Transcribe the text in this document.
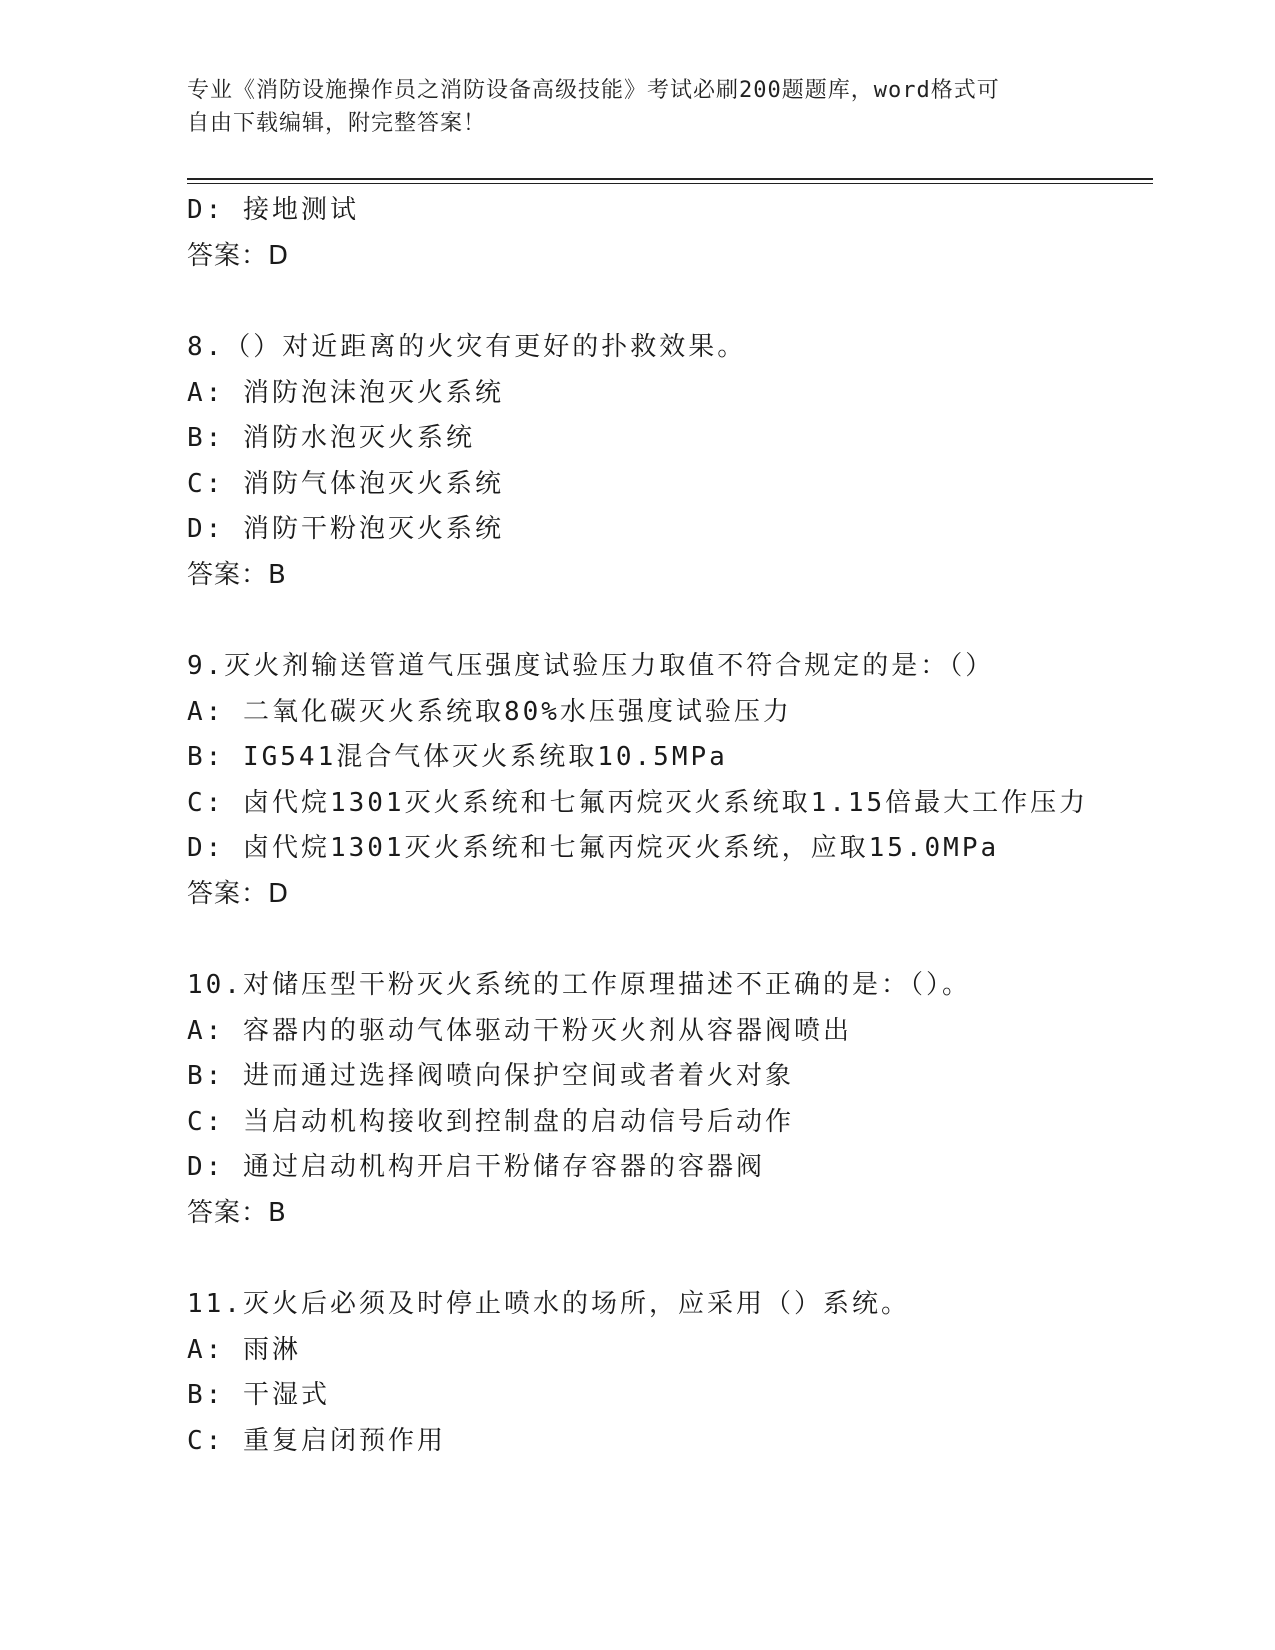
专业《消防设施操作员之消防设备高级技能》考试必刷200题题库，word格式可
自由下载编辑，附完整答案！
D: 接地测试
答案：D
8.（）对近距离的火灾有更好的扑救效果。
A: 消防泡沫泡灭火系统
B: 消防水泡灭火系统
C: 消防气体泡灭火系统
D: 消防干粉泡灭火系统
答案：B
9.灭火剂输送管道气压强度试验压力取值不符合规定的是：（）
A: 二氧化碳灭火系统取80%水压强度试验压力
B: IG541混合气体灭火系统取10.5MPa
C: 卤代烷1301灭火系统和七氟丙烷灭火系统取1.15倍最大工作压力
D: 卤代烷1301灭火系统和七氟丙烷灭火系统，应取15.0MPa
答案：D
10.对储压型干粉灭火系统的工作原理描述不正确的是：（）。
A: 容器内的驱动气体驱动干粉灭火剂从容器阀喷出
B: 进而通过选择阀喷向保护空间或者着火对象
C: 当启动机构接收到控制盘的启动信号后动作
D: 通过启动机构开启干粉储存容器的容器阀
答案：B
11.灭火后必须及时停止喷水的场所，应采用（）系统。
A: 雨淋
B: 干湿式
C: 重复启闭预作用
